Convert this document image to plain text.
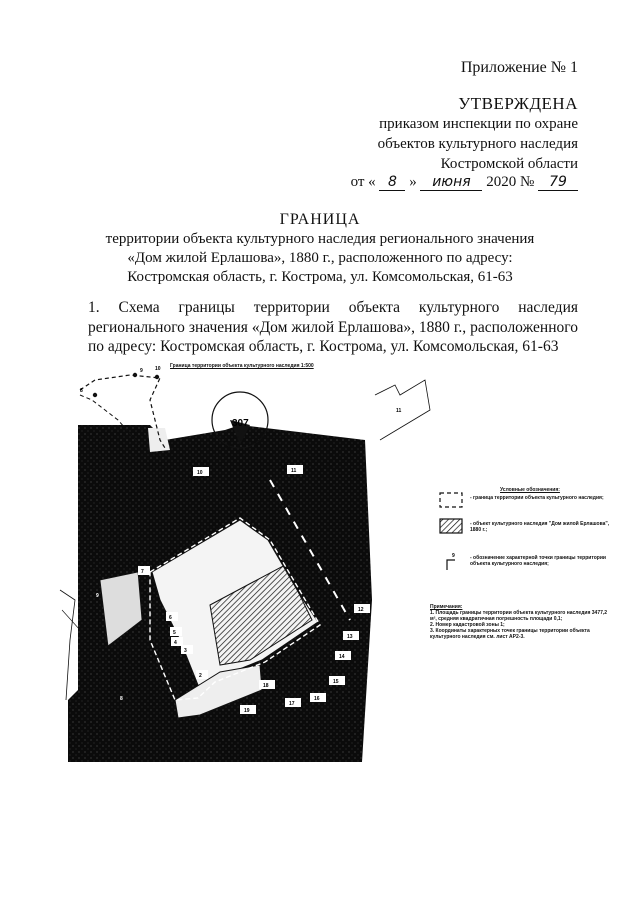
Приложение № 1
УТВЕРЖДЕНА
приказом инспекции по охране
объектов культурного наследия
Костромской области
от « 8 » июня 2020 № 79
ГРАНИЦА
территории объекта культурного наследия регионального значения
«Дом жилой Ерлашова», 1880 г., расположенного по адресу:
Костромская область, г. Кострома, ул. Комсомольская, 61-63
1. Схема границы территории объекта культурного наследия
регионального значения «Дом жилой Ерлашова», 1880 г., расположенного
по адресу: Костромская область, г. Кострома, ул. Комсомольская, 61-63
Граница территории объекта культурного наследия 1:500
8
9 10
307
11
10	11
12
13
14
15
16
17
18
19
7
6
5
4
3
2
9
8
9
Условные обозначения:
- граница территории объекта культурного наследия;
- объект культурного наследия "Дом жилой Ерлашова", 1880 г.;
- обозначение характерной точки границы территории объекта культурного наследия;
Примечания:
1. Площадь границы территории объекта культурного наследия 3477,2 м², средняя квадратичная погрешность площади 0,1;
2. Номер кадастровой зоны 1;
3. Координаты характерных точек границы территории объекта культурного наследия см. лист АР2-3.
